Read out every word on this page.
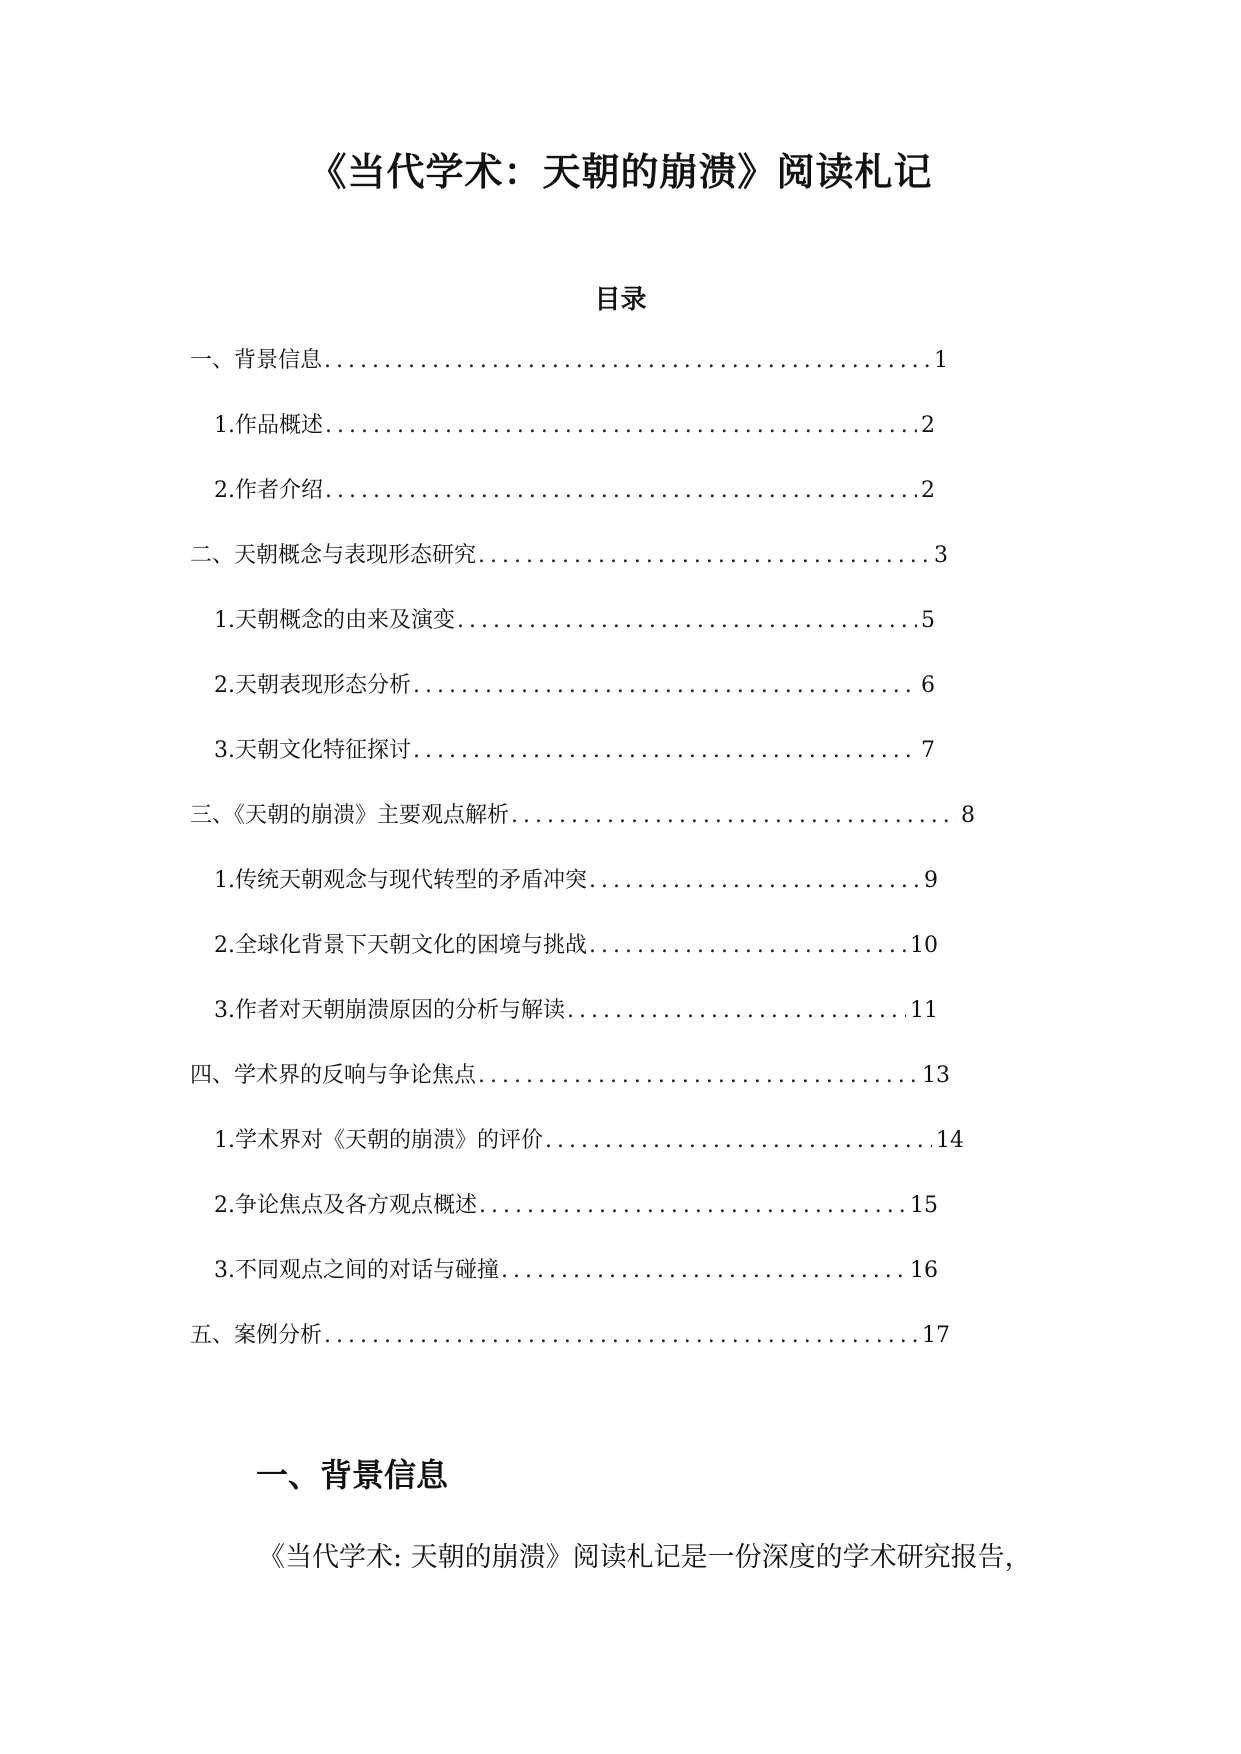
《当代学术：天朝的崩溃》阅读札记
目录
一、背景信息 .....	1
1. 作品概述 .....	2
2. 作者介绍 .....	2
二、天朝概念与表现形态研究 .....	3
1. 天朝概念的由来及演变 .....	5
2. 天朝表现形态分析 .....	6
3. 天朝文化特征探讨 .....	7
三、《天朝的崩溃》主要观点解析 .....	8
1. 传统天朝观念与现代转型的矛盾冲突 .....	9
2. 全球化背景下天朝文化的困境与挑战 .....	10
3. 作者对天朝崩溃原因的分析与解读 .....	11
四、学术界的反响与争论焦点 .....	13
1. 学术界对《天朝的崩溃》的评价 .....	14
2. 争论焦点及各方观点概述 .....	15
3. 不同观点之间的对话与碰撞 .....	16
五、案例分析 .....	17
一、背景信息

《当代学术: 天朝的崩溃》阅读札记是一份深度的学术研究报告，
